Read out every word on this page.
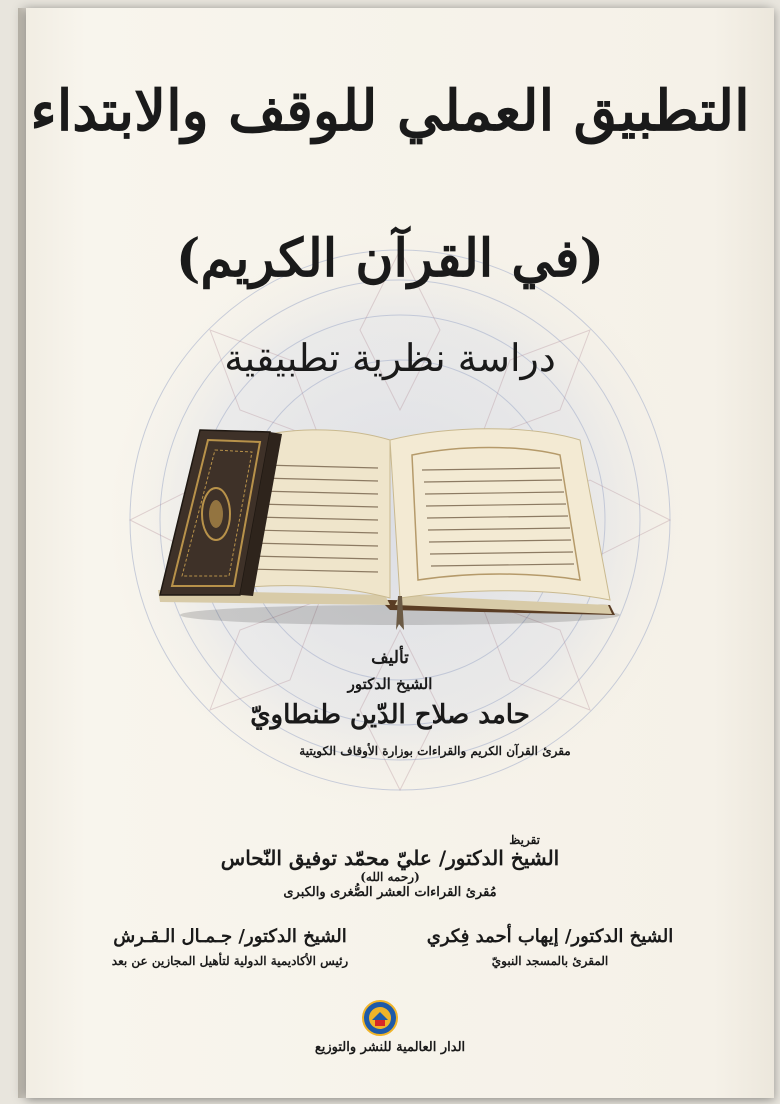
التطبيق العملي للوقف والابتداء
(في القرآن الكريم)
دراسة نظرية تطبيقية
تأليف
الشيخ الدكتور
حامد صلاح الدّين طنطاويّ
مقرئ القرآن الكريم والقراءات بوزارة الأوقاف الكويتية
تقريظ
الشيخ الدكتور/ عليّ محمّد توفيق النّحاس
(رحمه الله)
مُقرئ القراءات العشر الصُّغرى والكبرى
الشيخ الدكتور/ إيهاب أحمد فِكري
المقرئ بالمسجد النبويّ
الشيخ الدكتور/ جـمـال الـقـرش
رئيس الأكاديمية الدولية لتأهيل المجازين عن بعد
الدار العالمية للنشر والتوزيع
